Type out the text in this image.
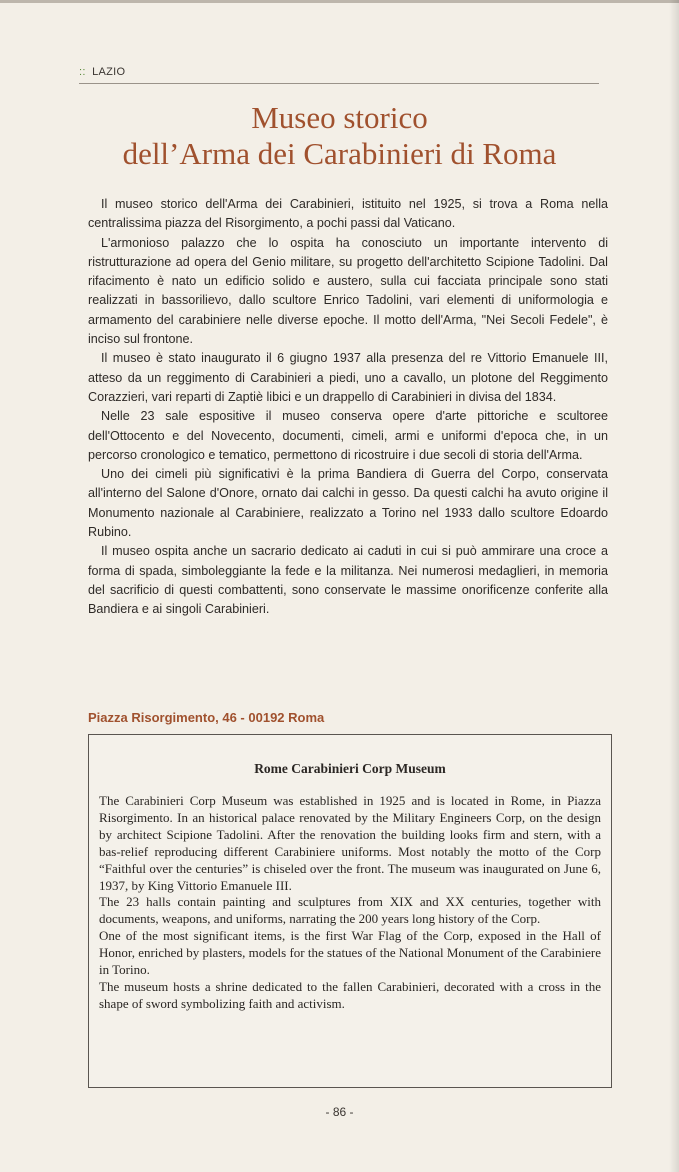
:: LAZIO
Museo storico
dell’Arma dei Carabinieri di Roma

Il museo storico dell'Arma dei Carabinieri, istituito nel 1925, si trova a Roma nella centralissima piazza del Risorgimento, a pochi passi dal Vaticano.

L'armonioso palazzo che lo ospita ha conosciuto un importante intervento di ristrutturazione ad opera del Genio militare, su progetto dell'architetto Scipione Tadolini. Dal rifacimento è nato un edificio solido e austero, sulla cui facciata principale sono stati realizzati in bassorilievo, dallo scultore Enrico Tadolini, vari elementi di uniformologia e armamento del carabiniere nelle diverse epoche. Il motto dell'Arma, "Nei Secoli Fedele", è inciso sul frontone.

Il museo è stato inaugurato il 6 giugno 1937 alla presenza del re Vittorio Emanuele III, atteso da un reggimento di Carabinieri a piedi, uno a cavallo, un plotone del Reggimento Corazzieri, vari reparti di Zaptiè libici e un drappello di Carabinieri in divisa del 1834.

Nelle 23 sale espositive il museo conserva opere d'arte pittoriche e scultoree dell'Ottocento e del Novecento, documenti, cimeli, armi e uniformi d'epoca che, in un percorso cronologico e tematico, permettono di ricostruire i due secoli di storia dell'Arma.

Uno dei cimeli più significativi è la prima Bandiera di Guerra del Corpo, conservata all'interno del Salone d'Onore, ornato dai calchi in gesso. Da questi calchi ha avuto origine il Monumento nazionale al Carabiniere, realizzato a Torino nel 1933 dallo scultore Edoardo Rubino.

Il museo ospita anche un sacrario dedicato ai caduti in cui si può ammirare una croce a forma di spada, simboleggiante la fede e la militanza. Nei numerosi medaglieri, in memoria del sacrificio di questi combattenti, sono conservate le massime onorificenze conferite alla Bandiera e ai singoli Carabinieri.

Piazza Risorgimento, 46 - 00192 Roma
Rome Carabinieri Corp Museum

The Carabinieri Corp Museum was established in 1925 and is located in Rome, in Piazza Risorgimento. In an historical palace renovated by the Military Engineers Corp, on the design by architect Scipione Tadolini. After the renovation the building looks firm and stern, with a bas-relief reproducing different Carabiniere uniforms. Most notably the motto of the Corp “Faithful over the centuries” is chiseled over the front. The museum was inaugurated on June 6, 1937, by King Vittorio Emanuele III.

The 23 halls contain painting and sculptures from XIX and XX centuries, together with documents, weapons, and uniforms, narrating the 200 years long history of the Corp.

One of the most significant items, is the first War Flag of the Corp, exposed in the Hall of Honor, enriched by plasters, models for the statues of the National Monument of the Carabiniere in Torino.

The museum hosts a shrine dedicated to the fallen Carabinieri, decorated with a cross in the shape of sword symbolizing faith and activism.

- 86 -
